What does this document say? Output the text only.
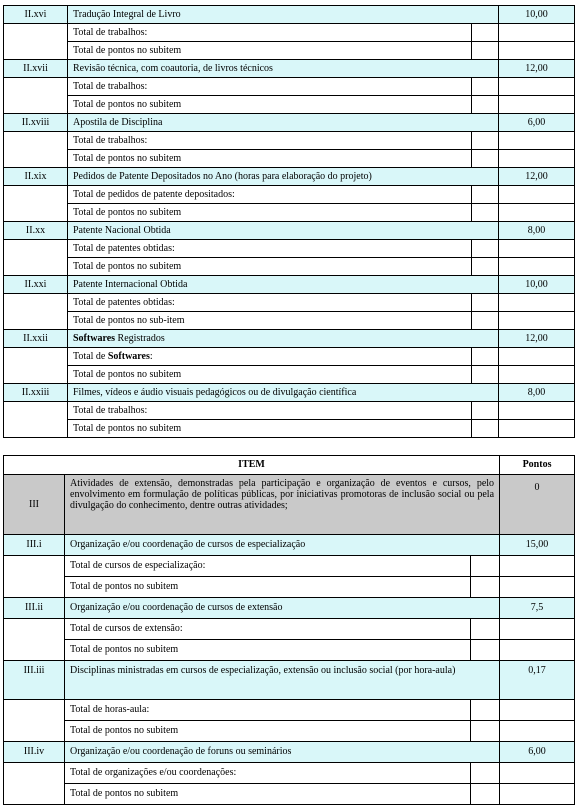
II.xvi	Tradução Integral de Livro		10,00
	Total de trabalhos:		
	Total de pontos no subitem		
II.xvii	Revisão técnica, com coautoria, de livros técnicos		12,00
	Total de trabalhos:		
	Total de pontos no subitem		
II.xviii	Apostila de Disciplina		6,00
	Total de trabalhos:		
	Total de pontos no subitem		
II.xix	Pedidos de Patente Depositados no Ano (horas para elaboração do projeto)		12,00
	Total de pedidos de patente depositados:		
	Total de pontos no subitem		
II.xx	Patente Nacional Obtida		8,00
	Total de patentes obtidas:		
	Total de pontos no subitem		
II.xxi	Patente Internacional Obtida		10,00
	Total de patentes obtidas:		
	Total de pontos no sub-item		
II.xxii	Softwares Registrados		12,00
	Total de Softwares:		
	Total de pontos no subitem		
II.xxiii	Filmes, vídeos e áudio visuais pedagógicos ou de divulgação científica		8,00
	Total de trabalhos:		
	Total de pontos no subitem		
ITEM			Pontos
III	Atividades de extensão, demonstradas pela participação e organização de eventos e cursos, pelo envolvimento em formulação de políticas públicas, por iniciativas promotoras de inclusão social ou pela divulgação do conhecimento, dentre outras atividades;		0
III.i	Organização e/ou coordenação de cursos de especialização		15,00
	Total de cursos de especialização:		
	Total de pontos no subitem		
III.ii	Organização e/ou coordenação de cursos de extensão		7,5
	Total de cursos de extensão:		
	Total de pontos no subitem		
III.iii	Disciplinas ministradas em cursos de especialização, extensão ou inclusão social (por hora-aula)		0,17
	Total de horas-aula:		
	Total de pontos no subitem		
III.iv	Organização e/ou coordenação de foruns ou seminários		6,00
	Total de organizações e/ou coordenações:		
	Total de pontos no subitem		
